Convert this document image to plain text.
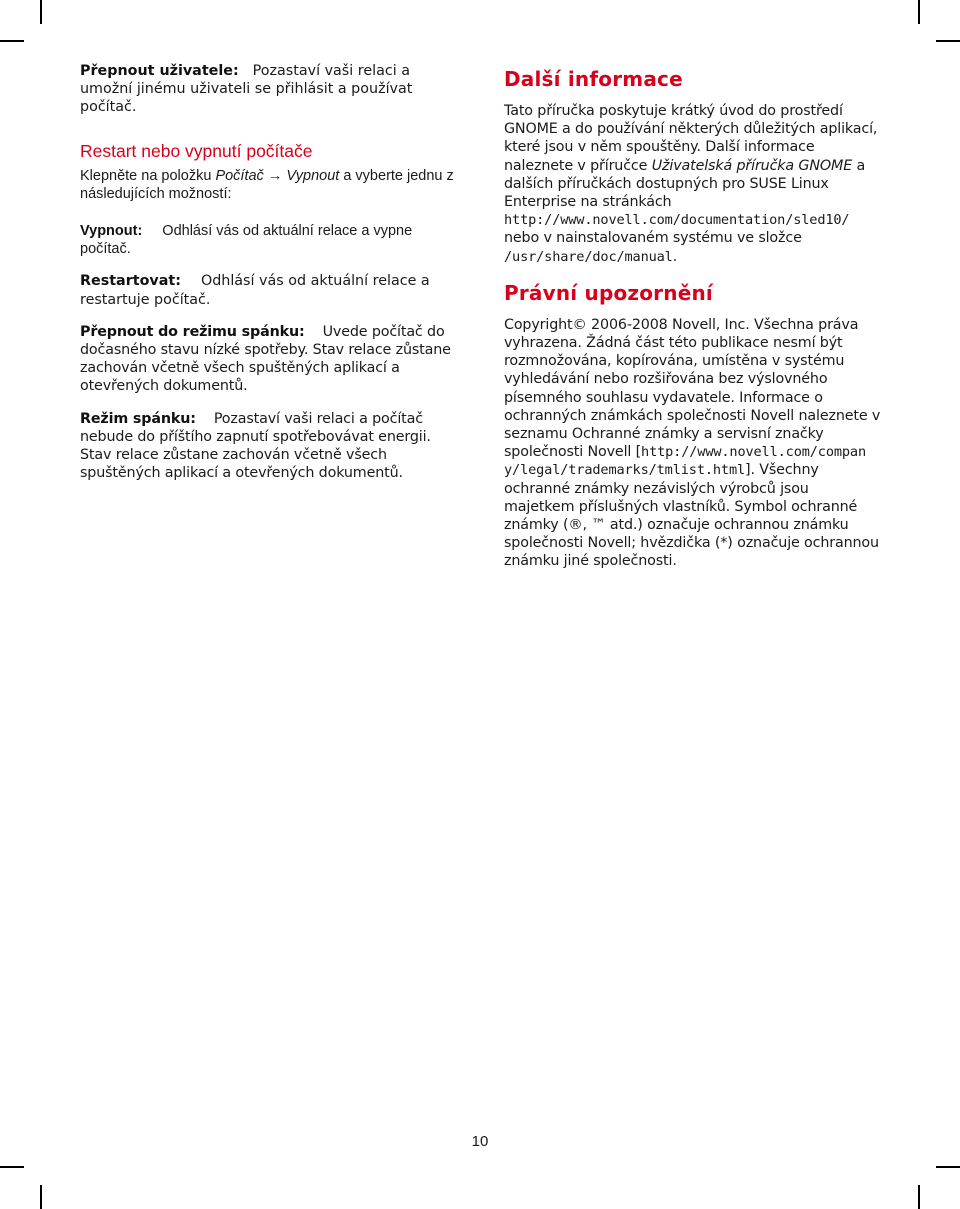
Přepnout uživatele: Pozastaví vaši relaci a umožní jinému uživateli se přihlásit a používat počítač.

Restart nebo vypnutí počítače

Klepněte na položku Počítač → Vypnout a vyberte jednu z následujících možností:

Vypnout: Odhlásí vás od aktuální relace a vypne počítač.

Restartovat: Odhlásí vás od aktuální relace a restartuje počítač.

Přepnout do režimu spánku: Uvede počítač do dočasného stavu nízké spotřeby. Stav relace zůstane zachován včetně všech spuštěných aplikací a otevřených dokumentů.

Režim spánku: Pozastaví vaši relaci a počítač nebude do příštího zapnutí spotřebovávat energii. Stav relace zůstane zachován včetně všech spuštěných aplikací a otevřených dokumentů.

Další informace

Tato příručka poskytuje krátký úvod do prostředí GNOME a do používání některých důležitých aplikací, které jsou v něm spouštěny. Další informace naleznete v příručce Uživatelská příručka GNOME a dalších příručkách dostupných pro SUSE Linux Enterprise na stránkách http://www.novell.com/documentation/sled10/ nebo v nainstalovaném systému ve složce /usr/share/doc/manual.

Právní upozornění

Copyright© 2006-2008 Novell, Inc. Všechna práva vyhrazena. Žádná část této publikace nesmí být rozmnožována, kopírována, umístěna v systému vyhledávání nebo rozšiřována bez výslovného písemného souhlasu vydavatele. Informace o ochranných známkách společnosti Novell naleznete v seznamu Ochranné známky a servisní značky společnosti Novell [http://www.novell.com/company/legal/trademarks/tmlist.html]. Všechny ochranné známky nezávislých výrobců jsou majetkem příslušných vlastníků. Symbol ochranné známky (®, ™ atd.) označuje ochrannou známku společnosti Novell; hvězdička (*) označuje ochrannou známku jiné společnosti.

10
